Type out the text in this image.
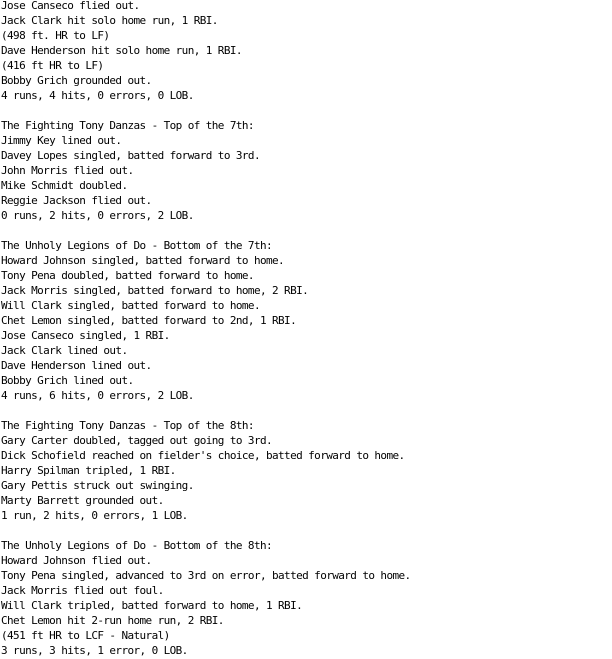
Jose Canseco flied out.
Jack Clark hit solo home run, 1 RBI.
(498 ft. HR to LF)
Dave Henderson hit solo home run, 1 RBI.
(416 ft HR to LF)
Bobby Grich grounded out.
4 runs, 4 hits, 0 errors, 0 LOB.
The Fighting Tony Danzas - Top of the 7th:
Jimmy Key lined out.
Davey Lopes singled, batted forward to 3rd.
John Morris flied out.
Mike Schmidt doubled.
Reggie Jackson flied out.
0 runs, 2 hits, 0 errors, 2 LOB.
The Unholy Legions of Do - Bottom of the 7th:
Howard Johnson singled, batted forward to home.
Tony Pena doubled, batted forward to home.
Jack Morris singled, batted forward to home, 2 RBI.
Will Clark singled, batted forward to home.
Chet Lemon singled, batted forward to 2nd, 1 RBI.
Jose Canseco singled, 1 RBI.
Jack Clark lined out.
Dave Henderson lined out.
Bobby Grich lined out.
4 runs, 6 hits, 0 errors, 2 LOB.
The Fighting Tony Danzas - Top of the 8th:
Gary Carter doubled, tagged out going to 3rd.
Dick Schofield reached on fielder's choice, batted forward to home.
Harry Spilman tripled, 1 RBI.
Gary Pettis struck out swinging.
Marty Barrett grounded out.
1 run, 2 hits, 0 errors, 1 LOB.
The Unholy Legions of Do - Bottom of the 8th:
Howard Johnson flied out.
Tony Pena singled, advanced to 3rd on error, batted forward to home.
Jack Morris flied out foul.
Will Clark tripled, batted forward to home, 1 RBI.
Chet Lemon hit 2-run home run, 2 RBI.
(451 ft HR to LCF - Natural)
3 runs, 3 hits, 1 error, 0 LOB.
